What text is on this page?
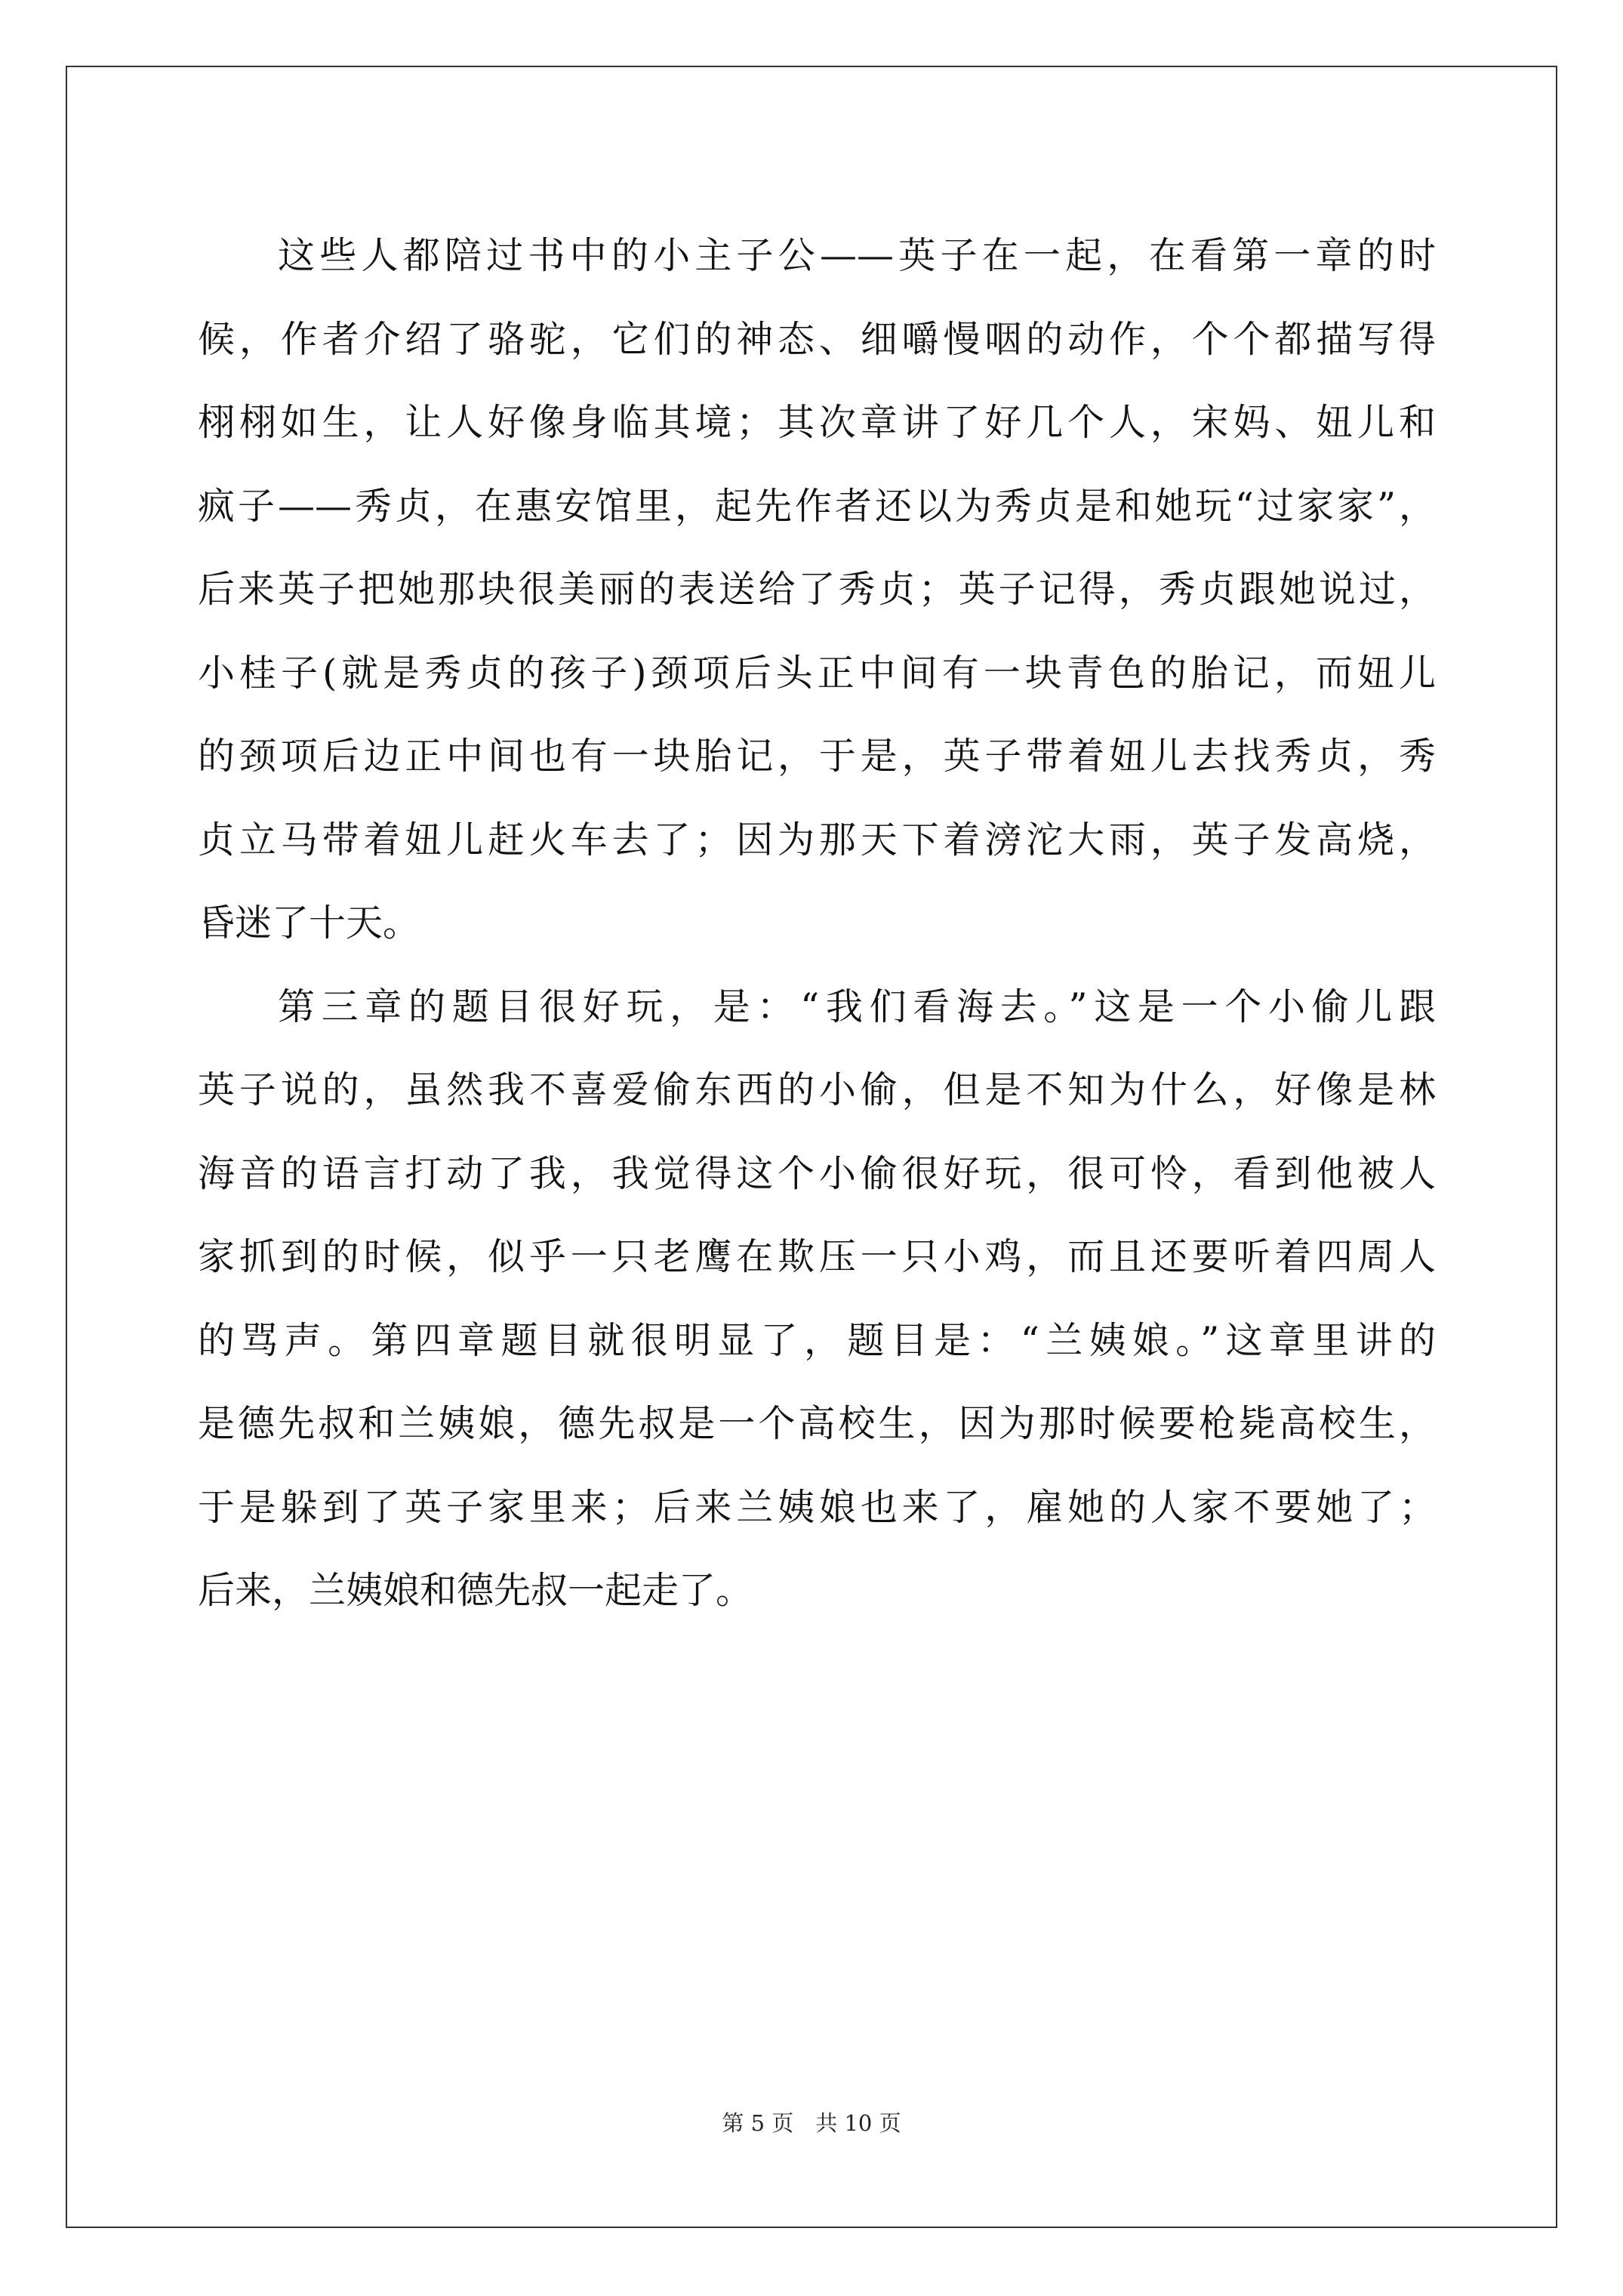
这些人都陪过书中的小主子公——英子在一起，在看第一章的时
候，作者介绍了骆驼，它们的神态、细嚼慢咽的动作，个个都描写得
栩栩如生，让人好像身临其境；其次章讲了好几个人，宋妈、妞儿和
疯子——秀贞，在惠安馆里，起先作者还以为秀贞是和她玩“过家家”，
后来英子把她那块很美丽的表送给了秀贞；英子记得，秀贞跟她说过，
小桂子(就是秀贞的孩子)颈项后头正中间有一块青色的胎记，而妞儿
的颈项后边正中间也有一块胎记，于是，英子带着妞儿去找秀贞，秀
贞立马带着妞儿赶火车去了；因为那天下着滂沱大雨，英子发高烧，
昏迷了十天。
第三章的题目很好玩，是：“我们看海去。”这是一个小偷儿跟
英子说的，虽然我不喜爱偷东西的小偷，但是不知为什么，好像是林
海音的语言打动了我，我觉得这个小偷很好玩，很可怜，看到他被人
家抓到的时候，似乎一只老鹰在欺压一只小鸡，而且还要听着四周人
的骂声。第四章题目就很明显了，题目是：“兰姨娘。”这章里讲的
是德先叔和兰姨娘，德先叔是一个高校生，因为那时候要枪毙高校生，
于是躲到了英子家里来；后来兰姨娘也来了，雇她的人家不要她了；
后来，兰姨娘和德先叔一起走了。
第 5 页　共 10 页
